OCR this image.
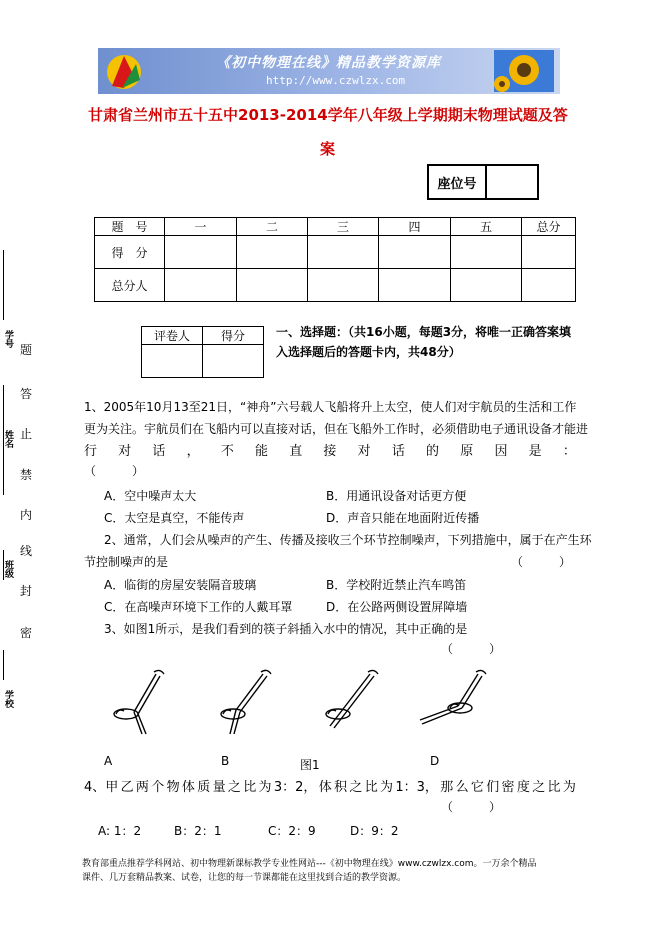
《初中物理在线》精品教学资源库
http://www.czwlzx.com
甘肃省兰州市五十五中2013-2014学年八年级上学期期末物理试题及答
案
座位号
题　号	一	二	三	四	五	总分
得　分						
总分人						
评卷人	得分
		一、选择题：（共16小题，每题3分，将唯一正确答案填入选择题后的答题卡内，共48分）
1、2005年10月13至21日，“神舟”六号载人飞船将升上太空，使人们对宇航员的生活和工作
更为关注。宇航员们在飞船内可以直接对话，但在飞船外工作时，必须借助电子通讯设备才能进
行 对 话 ， 不 能 直 接 对 话 的 原 因 是 ：
（　　　）
A．空中噪声太大	B．用通讯设备对话更方便
C．太空是真空，不能传声	D．声音只能在地面附近传播
2、通常，人们会从噪声的产生、传播及接收三个环节控制噪声，下列措施中，属于在产生环
节控制噪声的是	（　　　）
A．临街的房屋安装隔音玻璃	B．学校附近禁止汽车鸣笛
C．在高噪声环境下工作的人戴耳罩	D．在公路两侧设置屏障墙
3、如图1所示，是我们看到的筷子斜插入水中的情况，其中正确的是
（　　　）
A	B	图1	D
4、甲 乙 两 个 物 体 质 量 之 比 为 3：2， 体 积 之 比 为 1：3， 那 么 它 们 密 度 之 比 为
（　　　）
A: 1：2	B：2：1	C：2：9	D：9：2
题
答
止
禁
内
线
封
密
学号
姓名
班级
学校
教育部重点推荐学科网站、初中物理新课标教学专业性网站---《初中物理在线》www.czwlzx.com。一万余个精品
课件、几万套精品教案、试卷，让您的每一节课都能在这里找到合适的教学资源。
